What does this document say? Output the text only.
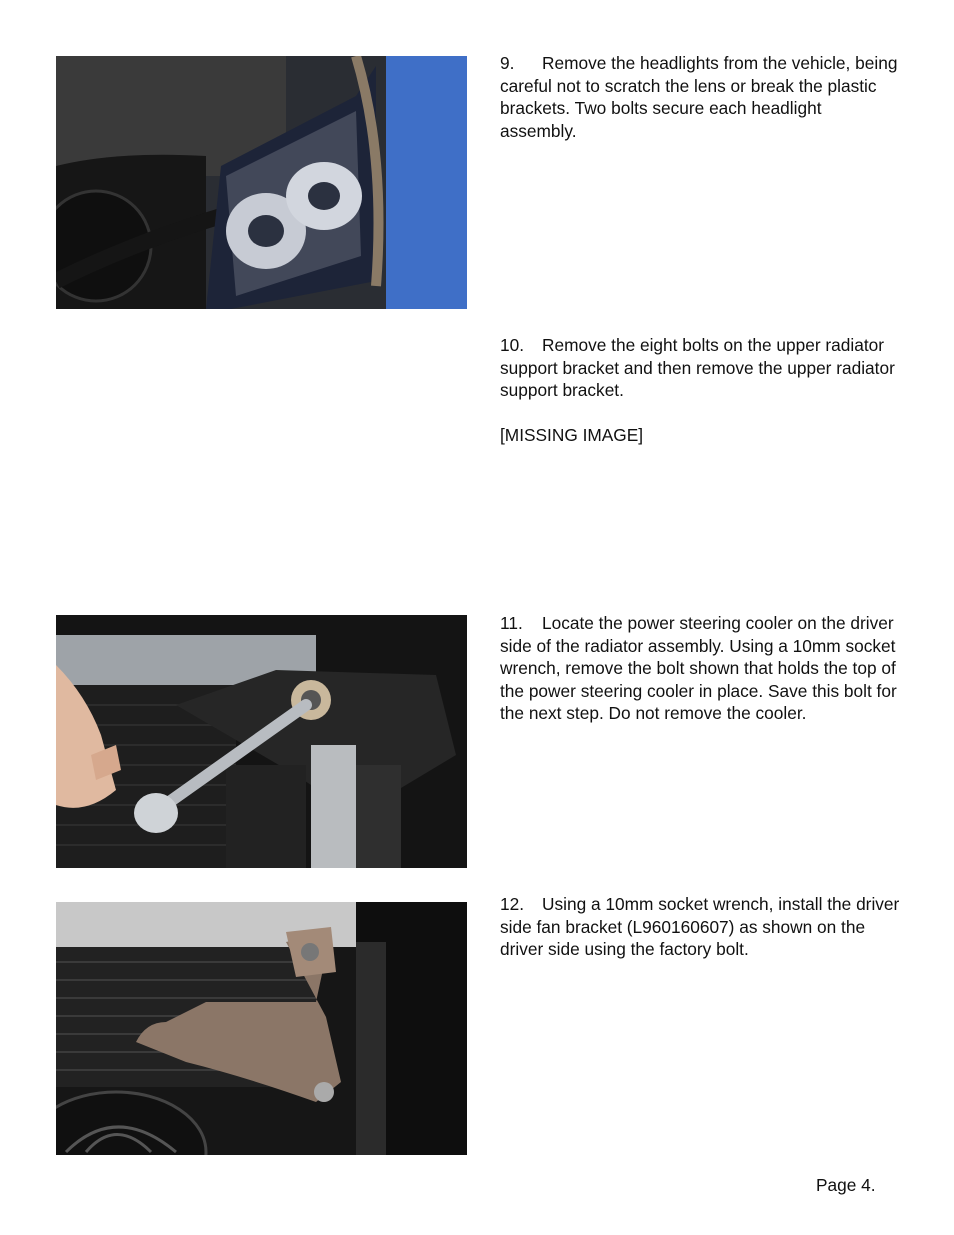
9. Remove the headlights from the vehicle, being careful not to scratch the lens or break the plastic brackets. Two bolts secure each headlight assembly.

10. Remove the eight bolts on the upper radiator support bracket and then remove the upper radiator support bracket.

[MISSING IMAGE]

11. Locate the power steering cooler on the driver side of the radiator assembly. Using a 10mm socket wrench, remove the bolt shown that holds the top of the power steering cooler in place. Save this bolt for the next step. Do not remove the cooler.

12. Using a 10mm socket wrench, install the driver side fan bracket (L960160607) as shown on the driver side using the factory bolt.

Page 4.
